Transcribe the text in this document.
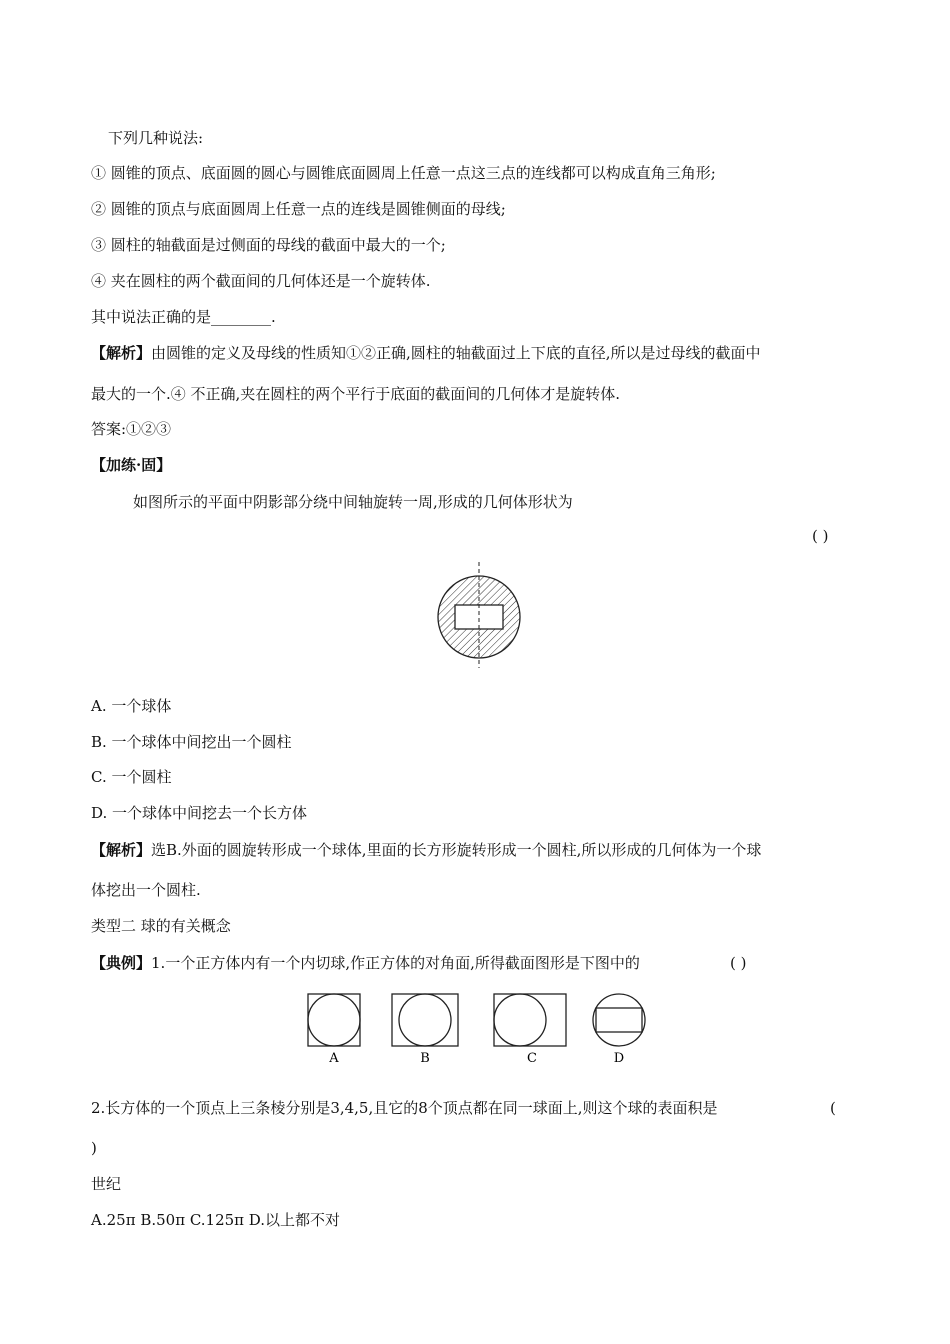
下列几种说法:
① 圆锥的顶点、底面圆的圆心与圆锥底面圆周上任意一点这三点的连线都可以构成直角三角形;
② 圆锥的顶点与底面圆周上任意一点的连线是圆锥侧面的母线;
③ 圆柱的轴截面是过侧面的母线的截面中最大的一个;
④ 夹在圆柱的两个截面间的几何体还是一个旋转体.
其中说法正确的是________.
【解析】由圆锥的定义及母线的性质知①②正确,圆柱的轴截面过上下底的直径,所以是过母线的截面中
最大的一个.④ 不正确,夹在圆柱的两个平行于底面的截面间的几何体才是旋转体.
答案:①②③
【加练·固】
如图所示的平面中阴影部分绕中间轴旋转一周,形成的几何体形状为
( )
A. 一个球体
B. 一个球体中间挖出一个圆柱
C. 一个圆柱
D. 一个球体中间挖去一个长方体
【解析】选B.外面的圆旋转形成一个球体,里面的长方形旋转形成一个圆柱,所以形成的几何体为一个球
体挖出一个圆柱.
类型二 球的有关概念
【典例】1.一个正方体内有一个内切球,作正方体的对角面,所得截面图形是下图中的	( )
A	B	C	D
2.长方体的一个顶点上三条棱分别是3,4,5,且它的8个顶点都在同一球面上,则这个球的表面积是	(
)
世纪
A.25π B.50π C.125π D.以上都不对
